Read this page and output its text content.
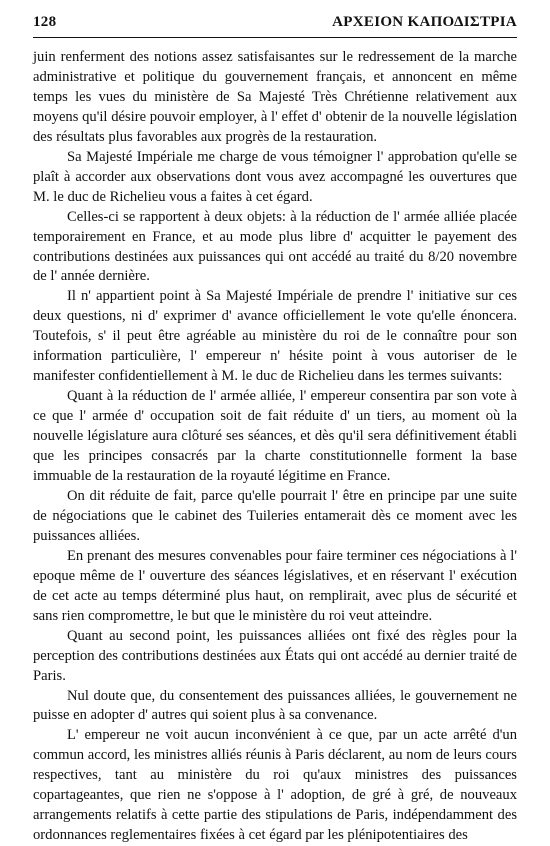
128	ΑΡΧΕΙΟΝ ΚΑΠΟΔΙΣΤΡΙΑ

juin renferment des notions assez satisfaisantes sur le redressement de la marche administrative et politique du gouvernement français, et annoncent en même temps les vues du ministère de Sa Majesté Très Chrétienne relativement aux moyens qu'il désire pouvoir employer, à l' effet d' obtenir de la nouvelle législation des résultats plus favorables aux progrès de la restauration.

Sa Majesté Impériale me charge de vous témoigner l' approbation qu'elle se plaît à accorder aux observations dont vous avez accompagné les ouvertures que M. le duc de Richelieu vous a faites à cet égard.

Celles-ci se rapportent à deux objets: à la réduction de l' armée alliée placée temporairement en France, et au mode plus libre d' acquitter le payement des contributions destinées aux puissances qui ont accédé au traité du 8/20 novembre de l' année dernière.

Il n' appartient point à Sa Majesté Impériale de prendre l' initiative sur ces deux questions, ni d' exprimer d' avance officiellement le vote qu'elle énoncera. Toutefois, s' il peut être agréable au ministère du roi de le connaître pour son information particulière, l' empereur n' hésite point à vous autoriser de le manifester confidentiellement à M. le duc de Richelieu dans les termes suivants:

Quant à la réduction de l' armée alliée, l' empereur consentira par son vote à ce que l' armée d' occupation soit de fait réduite d' un tiers, au moment où la nouvelle législature aura clôturé ses séances, et dès qu'il sera définitivement établi que les principes consacrés par la charte constitutionnelle forment la base immuable de la restauration de la royauté légitime en France.

On dit réduite de fait, parce qu'elle pourrait l' être en principe par une suite de négociations que le cabinet des Tuileries entamerait dès ce moment avec les puissances alliées.

En prenant des mesures convenables pour faire terminer ces négociations à l' epoque même de l' ouverture des séances législatives, et en réservant l' exécution de cet acte au temps déterminé plus haut, on remplirait, avec plus de sécurité et sans rien compromettre, le but que le ministère du roi veut atteindre.

Quant au second point, les puissances alliées ont fixé des règles pour la perception des contributions destinées aux États qui ont accédé au dernier traité de Paris.

Nul doute que, du consentement des puissances alliées, le gouvernement ne puisse en adopter d' autres qui soient plus à sa convenance.

L' empereur ne voit aucun inconvénient à ce que, par un acte arrêté d'un commun accord, les ministres alliés réunis à Paris déclarent, au nom de leurs cours respectives, tant au ministère du roi qu'aux ministres des puissances copartageantes, que rien ne s'oppose à l' adoption, de gré à gré, de nouveaux arrangements relatifs à cette partie des stipulations de Paris, indépendamment des ordonnances reglementaires fixées à cet égard par les plénipotentiaires des
